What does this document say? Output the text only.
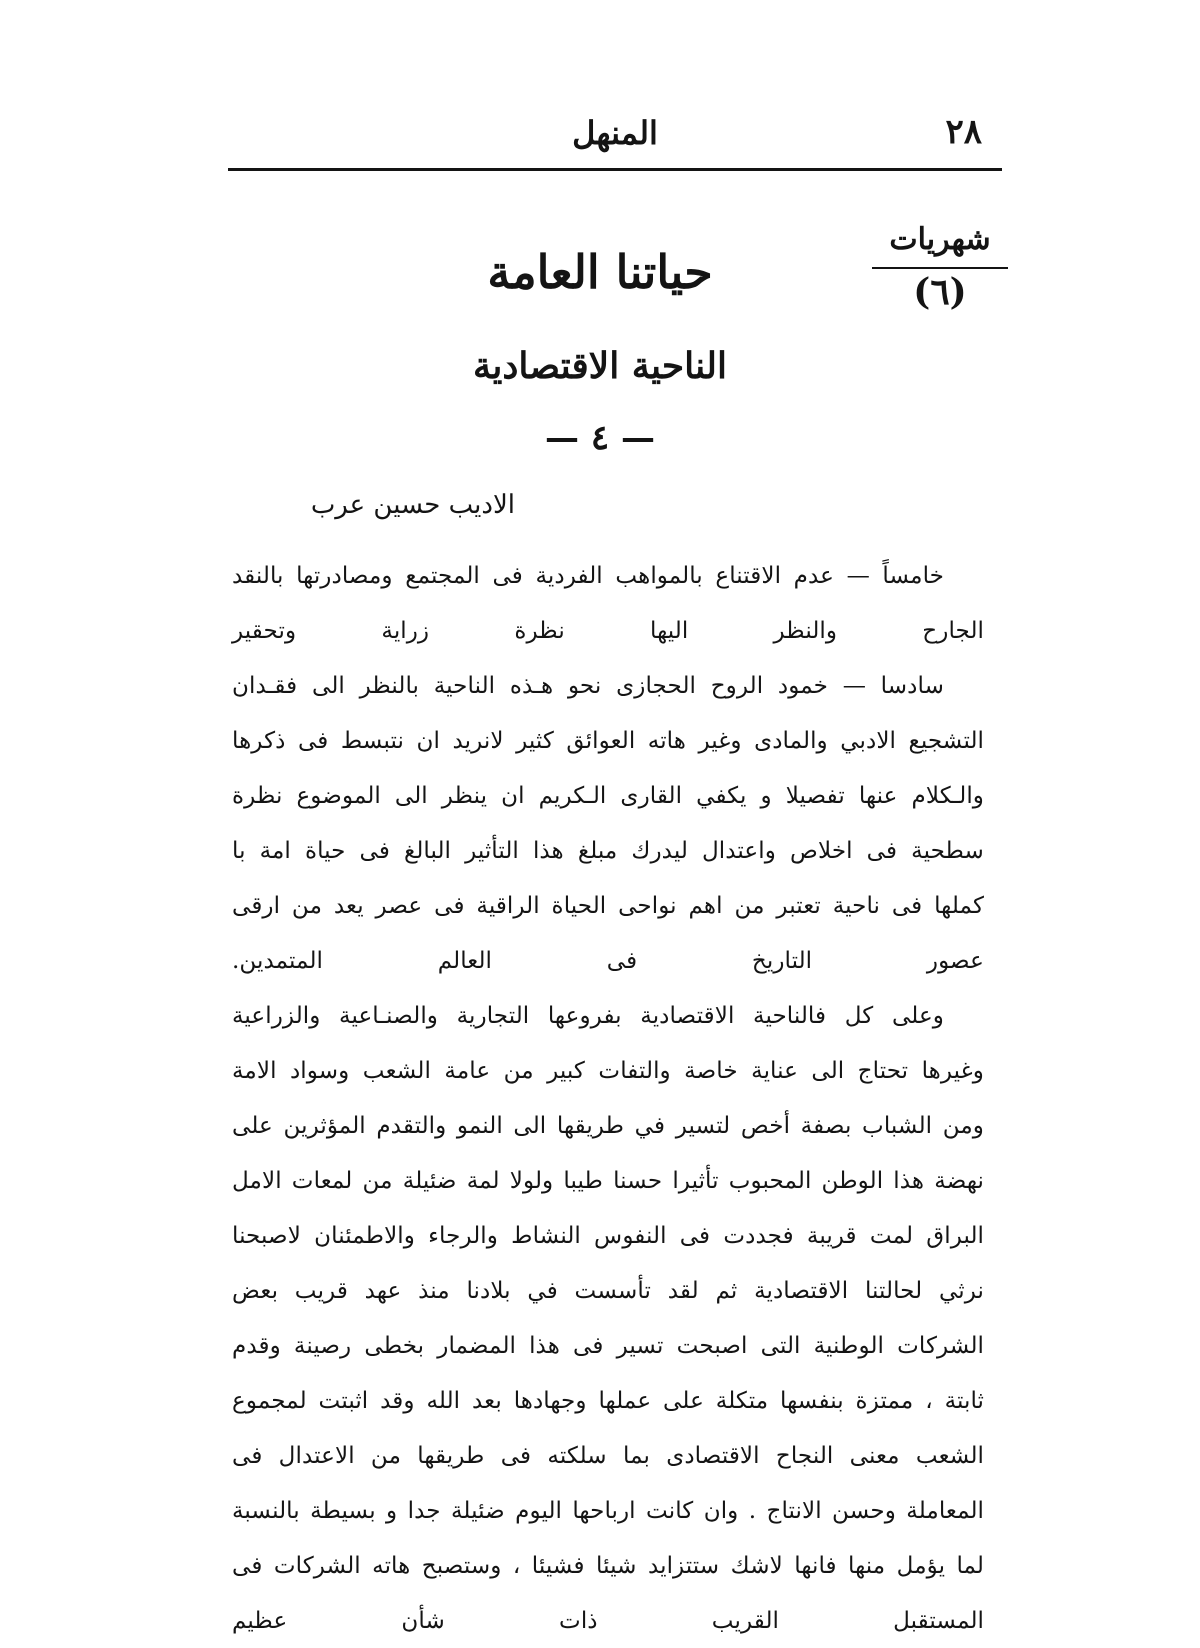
٢٨
المنهل
شهريات
(٦)
حياتنا العامة
الناحية الاقتصادية
— ٤ —
الاديب حسين عرب

خامساً — عدم الاقتناع بالمواهب الفردية فى المجتمع ومصادرتها بالنقد الجارح والنظر اليها نظرة زراية وتحقير

سادسا — خمود الروح الحجازى نحو هـذه الناحية بالنظر الى فقـدان التشجيع الادبي والمادى وغير هاته العوائق كثير لانريد ان نتبسط فى ذكرها والـكلام عنها تفصيلا و يكفي القارى الـكريم ان ينظر الى الموضوع نظرة سطحية فى اخلاص واعتدال ليدرك مبلغ هذا التأثير البالغ فى حياة امة با كملها فى ناحية تعتبر من اهم نواحى الحياة الراقية فى عصر يعد من ارقى عصور التاريخ فى العالم المتمدين.

وعلى كل فالناحية الاقتصادية بفروعها التجارية والصنـاعية والزراعية وغيرها تحتاج الى عناية خاصة والتفات كبير من عامة الشعب وسواد الامة ومن الشباب بصفة أخص لتسير في طريقها الى النمو والتقدم المؤثرين على نهضة هذا الوطن المحبوب تأثيرا حسنا طيبا ولولا لمة ضئيلة من لمعات الامل البراق لمت قريبة فجددت فى النفوس النشاط والرجاء والاطمئنان لاصبحنا نرثي لحالتنا الاقتصادية ثم لقد تأسست في بلادنا منذ عهد قريب بعض الشركات الوطنية التى اصبحت تسير فى هذا المضمار بخطى رصينة وقدم ثابتة ، ممتزة بنفسها متكلة على عملها وجهادها بعد الله وقد اثبتت لمجموع الشعب معنى النجاح الاقتصادى بما سلكته فى طريقها من الاعتدال فى المعاملة وحسن الانتاج . وان كانت ارباحها اليوم ضئيلة جدا و بسيطة بالنسبة لما يؤمل منها فانها لاشك ستتزايد شيئا فشيئا ، وستصبح هاته الشركات فى المستقبل القريب ذات شأن عظيم
